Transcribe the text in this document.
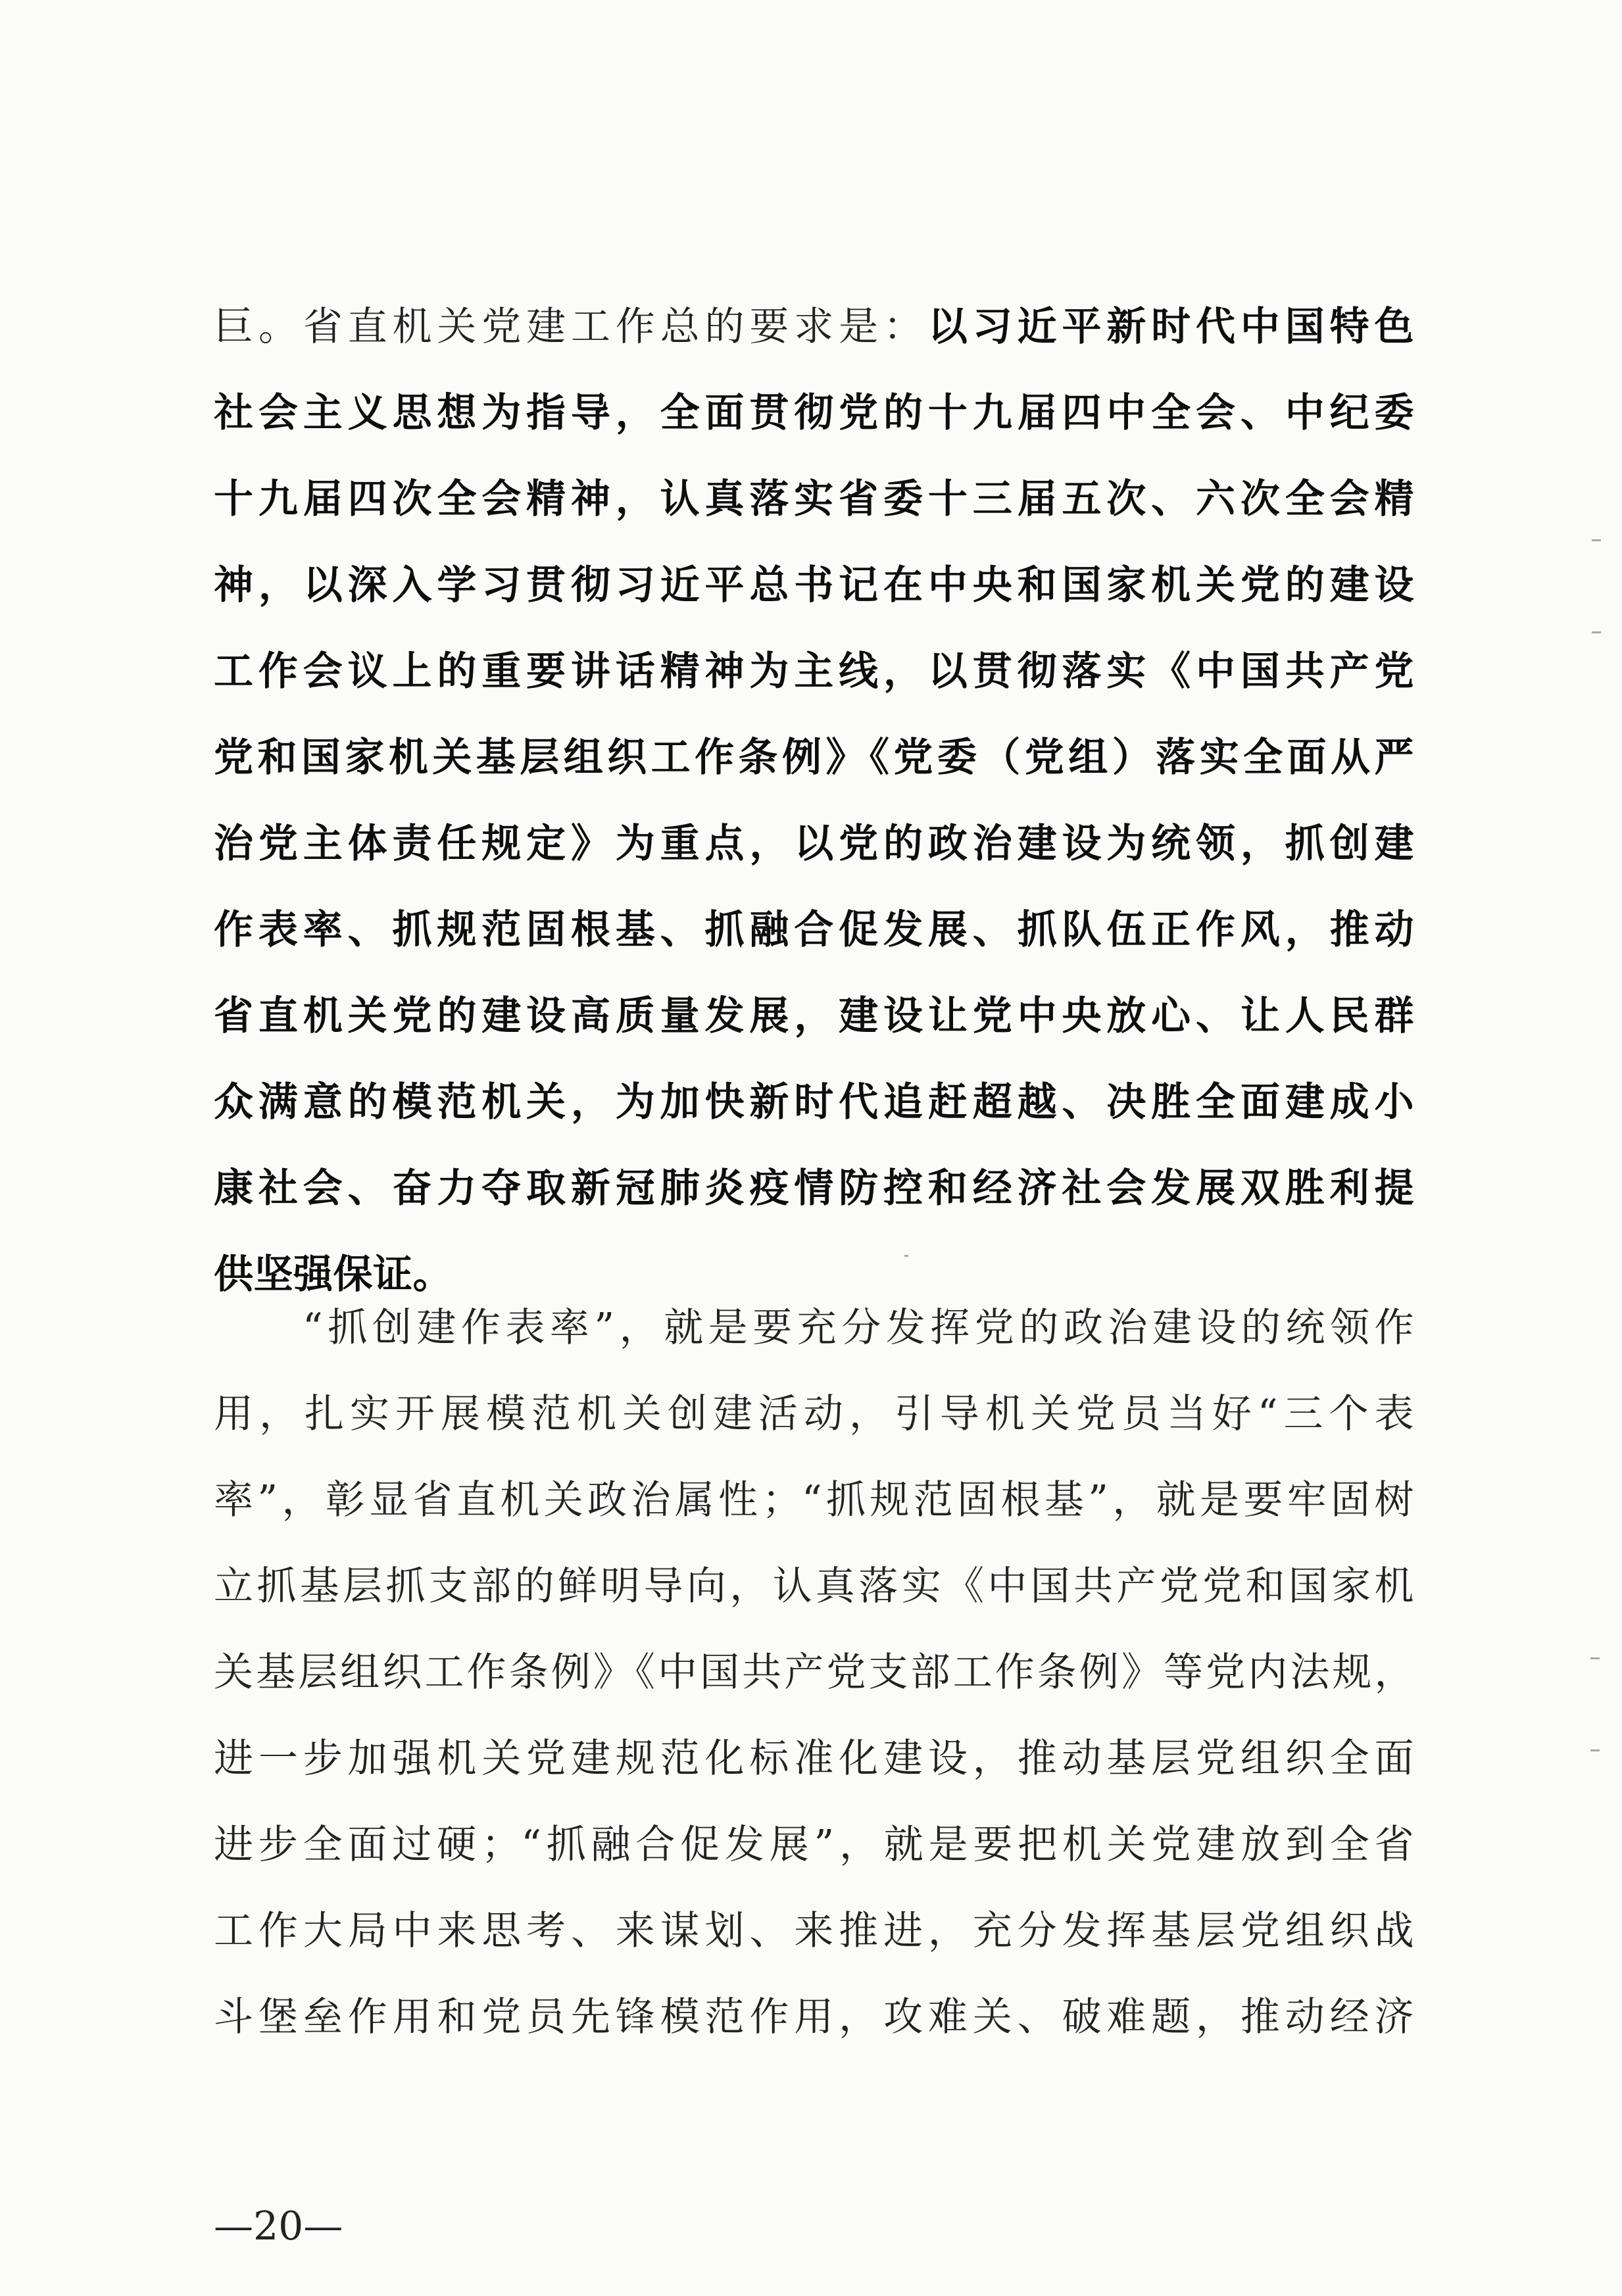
巨。省直机关党建工作总的要求是：以习近平新时代中国特色
社会主义思想为指导，全面贯彻党的十九届四中全会、中纪委
十九届四次全会精神，认真落实省委十三届五次、六次全会精
神，以深入学习贯彻习近平总书记在中央和国家机关党的建设
工作会议上的重要讲话精神为主线，以贯彻落实《中国共产党
党和国家机关基层组织工作条例》《党委（党组）落实全面从严
治党主体责任规定》为重点，以党的政治建设为统领，抓创建
作表率、抓规范固根基、抓融合促发展、抓队伍正作风，推动
省直机关党的建设高质量发展，建设让党中央放心、让人民群
众满意的模范机关，为加快新时代追赶超越、决胜全面建成小
康社会、奋力夺取新冠肺炎疫情防控和经济社会发展双胜利提
供坚强保证。
　　“抓创建作表率”，就是要充分发挥党的政治建设的统领作
用，扎实开展模范机关创建活动，引导机关党员当好“三个表
率”，彰显省直机关政治属性；“抓规范固根基”，就是要牢固树
立抓基层抓支部的鲜明导向，认真落实《中国共产党党和国家机
关基层组织工作条例》《中国共产党支部工作条例》等党内法规，
进一步加强机关党建规范化标准化建设，推动基层党组织全面
进步全面过硬；“抓融合促发展”，就是要把机关党建放到全省
工作大局中来思考、来谋划、来推进，充分发挥基层党组织战
斗堡垒作用和党员先锋模范作用，攻难关、破难题，推动经济
—20—
